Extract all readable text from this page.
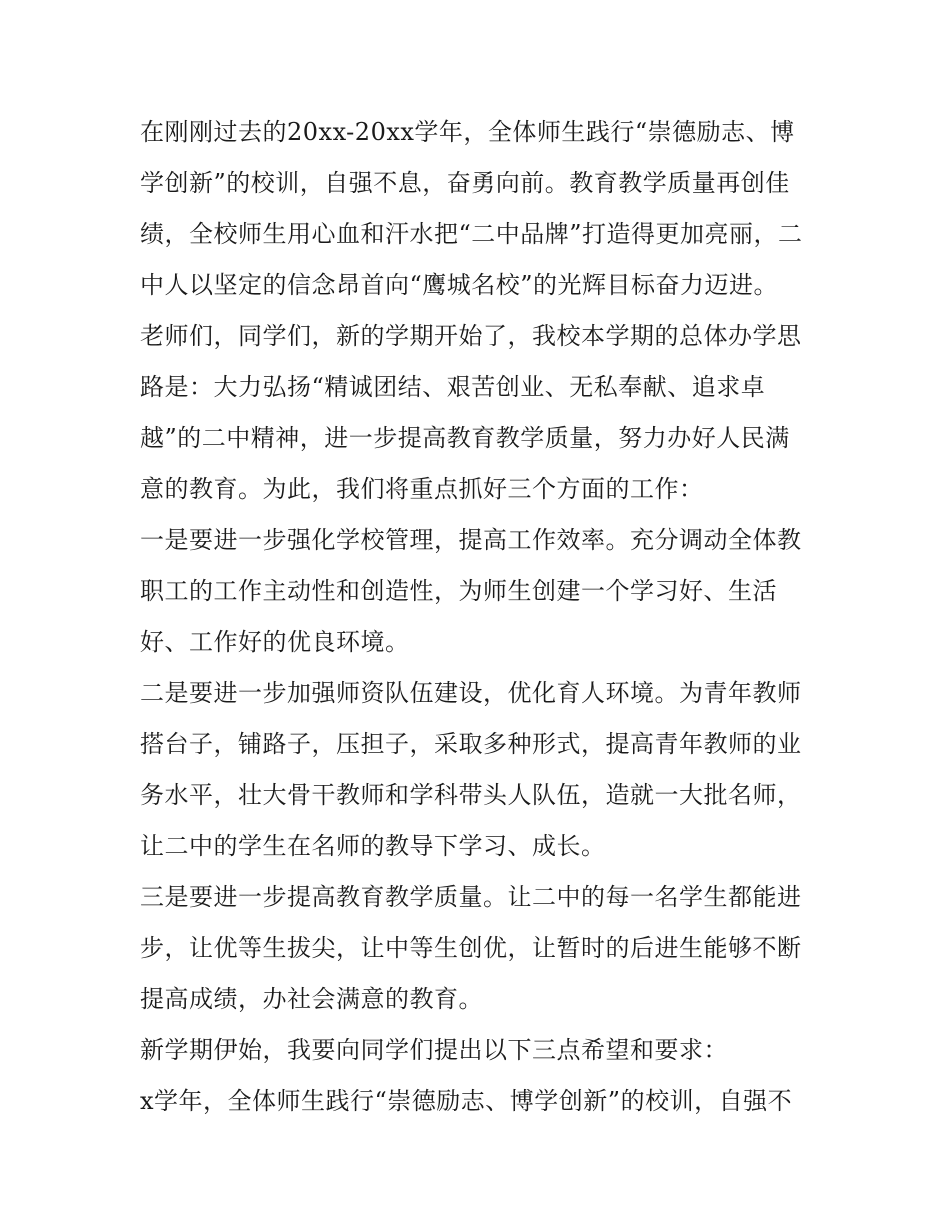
在刚刚过去的20xx-20xx学年，全体师生践行“崇德励志、博
学创新”的校训，自强不息，奋勇向前。教育教学质量再创佳
绩，全校师生用心血和汗水把“二中品牌”打造得更加亮丽，二
中人以坚定的信念昂首向“鹰城名校”的光辉目标奋力迈进。
老师们，同学们，新的学期开始了，我校本学期的总体办学思
路是：大力弘扬“精诚团结、艰苦创业、无私奉献、追求卓
越”的二中精神，进一步提高教育教学质量，努力办好人民满
意的教育。为此，我们将重点抓好三个方面的工作：
一是要进一步强化学校管理，提高工作效率。充分调动全体教
职工的工作主动性和创造性，为师生创建一个学习好、生活
好、工作好的优良环境。
二是要进一步加强师资队伍建设，优化育人环境。为青年教师
搭台子，铺路子，压担子，采取多种形式，提高青年教师的业
务水平，壮大骨干教师和学科带头人队伍，造就一大批名师，
让二中的学生在名师的教导下学习、成长。
三是要进一步提高教育教学质量。让二中的每一名学生都能进
步，让优等生拔尖，让中等生创优，让暂时的后进生能够不断
提高成绩，办社会满意的教育。
新学期伊始，我要向同学们提出以下三点希望和要求：
x学年，全体师生践行“崇德励志、博学创新”的校训，自强不
